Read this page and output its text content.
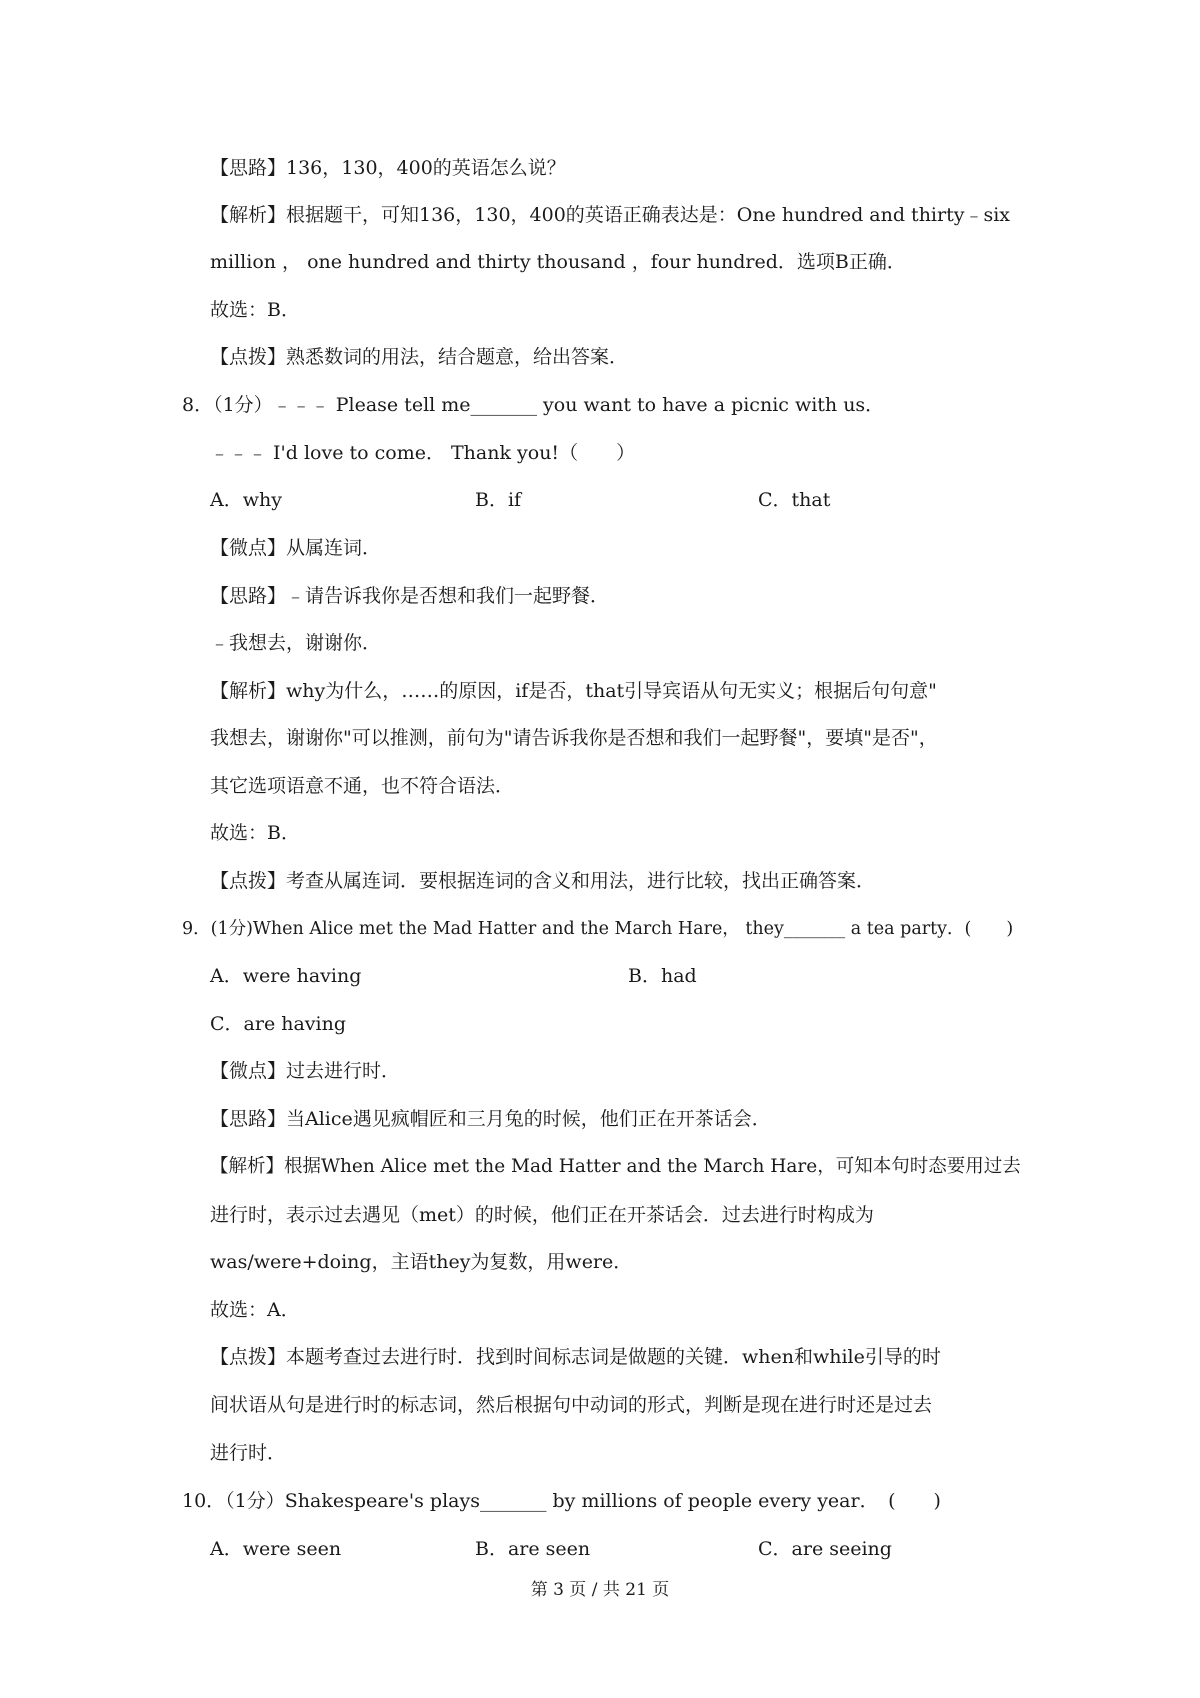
【思路】136，130，400的英语怎么说？
【解析】根据题干，可知136，130，400的英语正确表达是：One hundred and thirty﹣six
million ， one hundred and thirty thousand ，four hundred．选项B正确．
故选：B．
【点拨】熟悉数词的用法，结合题意，给出答案．
8．（1分）﹣﹣﹣ Please tell me_______ you want to have a picnic with us．
﹣﹣﹣ I'd love to come． Thank you!（　　）
A．why	B．if	C．that
【微点】从属连词．
【思路】﹣请告诉我你是否想和我们一起野餐．
﹣我想去，谢谢你．
【解析】why为什么，……的原因，if是否，that引导宾语从句无实义；根据后句句意"
我想去，谢谢你"可以推测，前句为"请告诉我你是否想和我们一起野餐"，要填"是否"，
其它选项语意不通，也不符合语法．
故选：B．
【点拨】考查从属连词．要根据连词的含义和用法，进行比较，找出正确答案．
9．(1分)When Alice met the Mad Hatter and the March Hare， they_______ a tea party．(　　)
A．were having	B．had
C．are having
【微点】过去进行时．
【思路】当Alice遇见疯帽匠和三月兔的时候，他们正在开茶话会．
【解析】根据When Alice met the Mad Hatter and the March Hare，可知本句时态要用过去
进行时，表示过去遇见（met）的时候，他们正在开茶话会．过去进行时构成为
was/were+doing，主语they为复数，用were．
故选：A．
【点拨】本题考查过去进行时．找到时间标志词是做题的关键．when和while引导的时
间状语从句是进行时的标志词，然后根据句中动词的形式，判断是现在进行时还是过去
进行时．
10．（1分）Shakespeare's plays_______ by millions of people every year．　(　　)
A．were seen	B．are seen	C．are seeing
第 3 页 / 共 21 页
